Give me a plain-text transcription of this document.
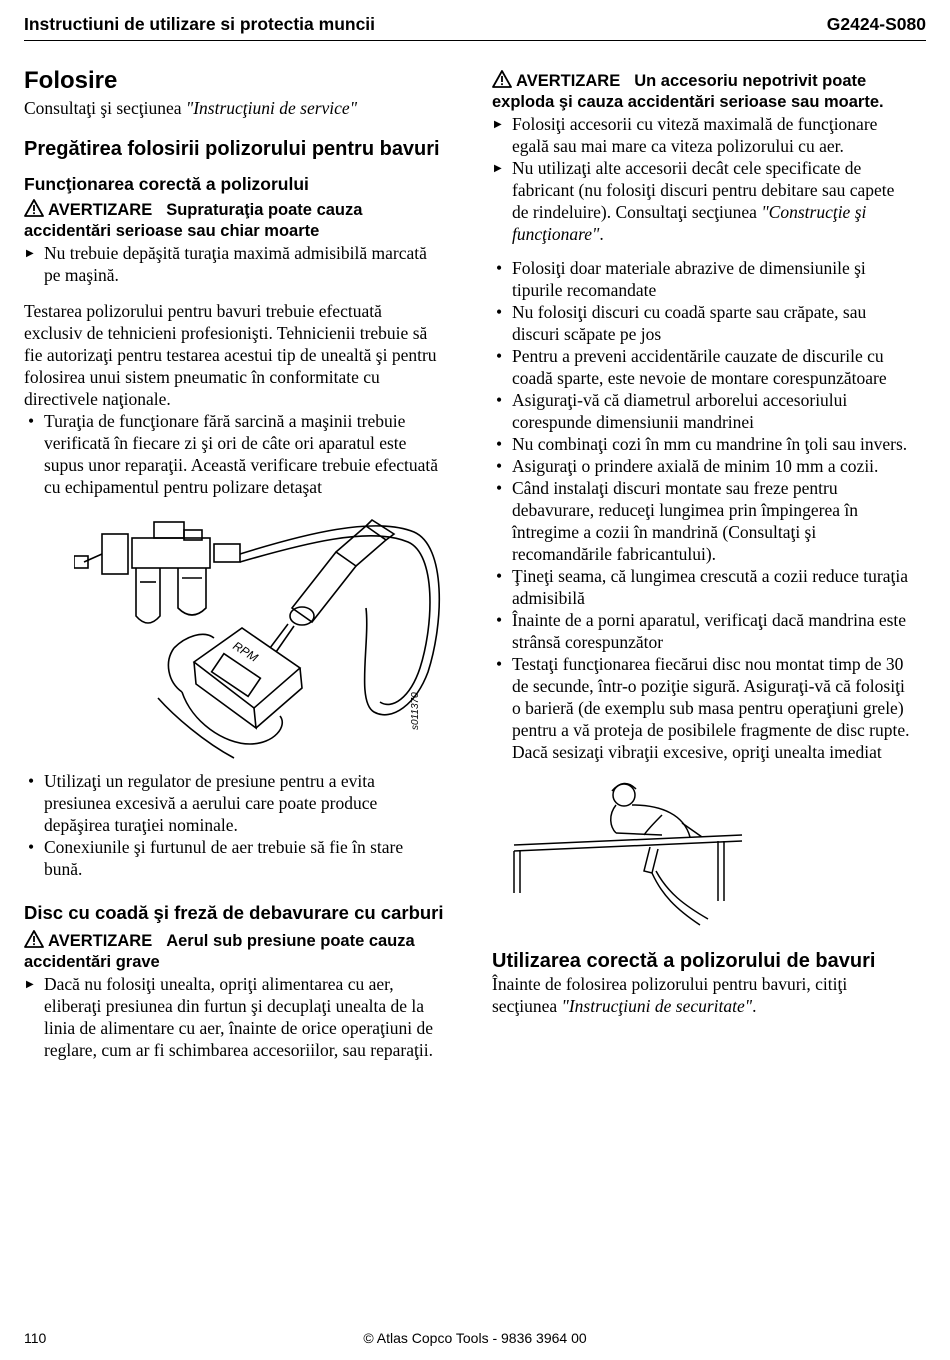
Instructiuni de utilizare si protectia muncii	G2424-S080
Folosire

Consultaţi şi secţiunea "Instrucţiuni de service"

Pregătirea folosirii polizorului pentru bavuri
Funcţionarea corectă a polizorului
AVERTIZARE Supraturaţia poate cauza accidentări serioase sau chiar moarte
▶ Nu trebuie depăşită turaţia maximă admisibilă marcată pe maşină.

Testarea polizorului pentru bavuri trebuie efectuată exclusiv de tehnicieni profesionişti. Tehnicienii trebuie să fie autorizaţi pentru testarea acestui tip de unealtă şi pentru folosirea unui sistem pneumatic în conformitate cu directivele naţionale.

• Turaţia de funcţionare fără sarcină a maşinii trebuie verificată în fiecare zi şi ori de câte ori aparatul este supus unor reparaţii. Această verificare trebuie efectuată cu echipamentul pentru polizare detaşat
RPM
s011370
• Utilizaţi un regulator de presiune pentru a evita presiunea excesivă a aerului care poate produce depăşirea turaţiei nominale.
• Conexiunile şi furtunul de aer trebuie să fie în stare bună.
Disc cu coadă şi freză de debavurare cu carburi
AVERTIZARE Aerul sub presiune poate cauza accidentări grave
▶ Dacă nu folosiţi unealta, opriţi alimentarea cu aer, eliberaţi presiunea din furtun şi decuplaţi unealta de la linia de alimentare cu aer, înainte de orice operaţiuni de reglare, cum ar fi schimbarea accesoriilor, sau reparaţii.
AVERTIZARE Un accesoriu nepotrivit poate exploda şi cauza accidentări serioase sau moarte.
▶ Folosiţi accesorii cu viteză maximală de funcţionare egală sau mai mare ca viteza polizorului cu aer.
▶ Nu utilizaţi alte accesorii decât cele specificate de fabricant (nu folosiţi discuri pentru debitare sau capete de rindeluire). Consultaţi secţiunea "Construcţie şi funcţionare".
• Folosiţi doar materiale abrazive de dimensiunile şi tipurile recomandate
• Nu folosiţi discuri cu coadă sparte sau crăpate, sau discuri scăpate pe jos
• Pentru a preveni accidentările cauzate de discurile cu coadă sparte, este nevoie de montare corespunzătoare
• Asiguraţi-vă că diametrul arborelui accesoriului corespunde dimensiunii mandrinei
• Nu combinaţi cozi în mm cu mandrine în ţoli sau invers.
• Asiguraţi o prindere axială de minim 10 mm a cozii.
• Când instalaţi discuri montate sau freze pentru debavurare, reduceţi lungimea prin împingerea în întregime a cozii în mandrină (Consultaţi şi recomandările fabricantului).
• Ţineţi seama, că lungimea crescută a cozii reduce turaţia admisibilă
• Înainte de a porni aparatul, verificaţi dacă mandrina este strânsă corespunzător
• Testaţi funcţionarea fiecărui disc nou montat timp de 30 de secunde, într-o poziţie sigură. Asiguraţi-vă că folosiţi o barieră (de exemplu sub masa pentru operaţiuni grele) pentru a vă proteja de posibilele fragmente de disc rupte. Dacă sesizaţi vibraţii excesive, opriţi unealta imediat
Utilizarea corectă a polizorului de bavuri

Înainte de folosirea polizorului pentru bavuri, citiţi secţiunea "Instrucţiuni de securitate".

110	© Atlas Copco Tools - 9836 3964 00
